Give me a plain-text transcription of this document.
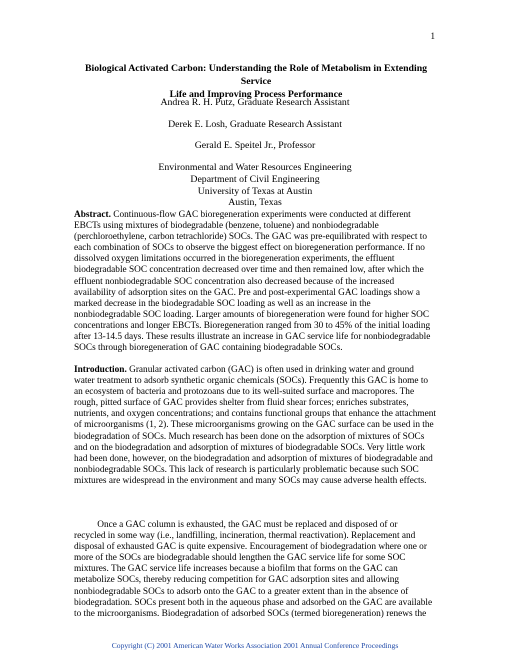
1
Biological Activated Carbon: Understanding the Role of Metabolism in Extending Service
Life and Improving Process Performance
Andrea R. H. Putz, Graduate Research Assistant
Derek E. Losh, Graduate Research Assistant
Gerald E. Speitel Jr., Professor
Environmental and Water Resources Engineering
Department of Civil Engineering
University of Texas at Austin
Austin, Texas
Abstract. Continuous-flow GAC bioregeneration experiments were conducted at different
EBCTs using mixtures of biodegradable (benzene, toluene) and nonbiodegradable
(perchloroethylene, carbon tetrachloride) SOCs. The GAC was pre-equilibrated with respect to
each combination of SOCs to observe the biggest effect on bioregeneration performance. If no
dissolved oxygen limitations occurred in the bioregeneration experiments, the effluent
biodegradable SOC concentration decreased over time and then remained low, after which the
effluent nonbiodegradable SOC concentration also decreased because of the increased
availability of adsorption sites on the GAC. Pre and post-experimental GAC loadings show a
marked decrease in the biodegradable SOC loading as well as an increase in the
nonbiodegradable SOC loading. Larger amounts of bioregeneration were found for higher SOC
concentrations and longer EBCTs. Bioregeneration ranged from 30 to 45% of the initial loading
after 13-14.5 days. These results illustrate an increase in GAC service life for nonbiodegradable
SOCs through bioregeneration of GAC containing biodegradable SOCs.
Introduction. Granular activated carbon (GAC) is often used in drinking water and ground
water treatment to adsorb synthetic organic chemicals (SOCs). Frequently this GAC is home to
an ecosystem of bacteria and protozoans due to its well-suited surface and macropores. The
rough, pitted surface of GAC provides shelter from fluid shear forces; enriches substrates,
nutrients, and oxygen concentrations; and contains functional groups that enhance the attachment
of microorganisms (1, 2). These microorganisms growing on the GAC surface can be used in the
biodegradation of SOCs. Much research has been done on the adsorption of mixtures of SOCs
and on the biodegradation and adsorption of mixtures of biodegradable SOCs. Very little work
had been done, however, on the biodegradation and adsorption of mixtures of biodegradable and
nonbiodegradable SOCs. This lack of research is particularly problematic because such SOC
mixtures are widespread in the environment and many SOCs may cause adverse health effects.
Once a GAC column is exhausted, the GAC must be replaced and disposed of or
recycled in some way (i.e., landfilling, incineration, thermal reactivation). Replacement and
disposal of exhausted GAC is quite expensive. Encouragement of biodegradation where one or
more of the SOCs are biodegradable should lengthen the GAC service life for some SOC
mixtures. The GAC service life increases because a biofilm that forms on the GAC can
metabolize SOCs, thereby reducing competition for GAC adsorption sites and allowing
nonbiodegradable SOCs to adsorb onto the GAC to a greater extent than in the absence of
biodegradation. SOCs present both in the aqueous phase and adsorbed on the GAC are available
to the microorganisms. Biodegradation of adsorbed SOCs (termed bioregeneration) renews the
Copyright (C) 2001 American Water Works Association 2001 Annual Conference Proceedings
